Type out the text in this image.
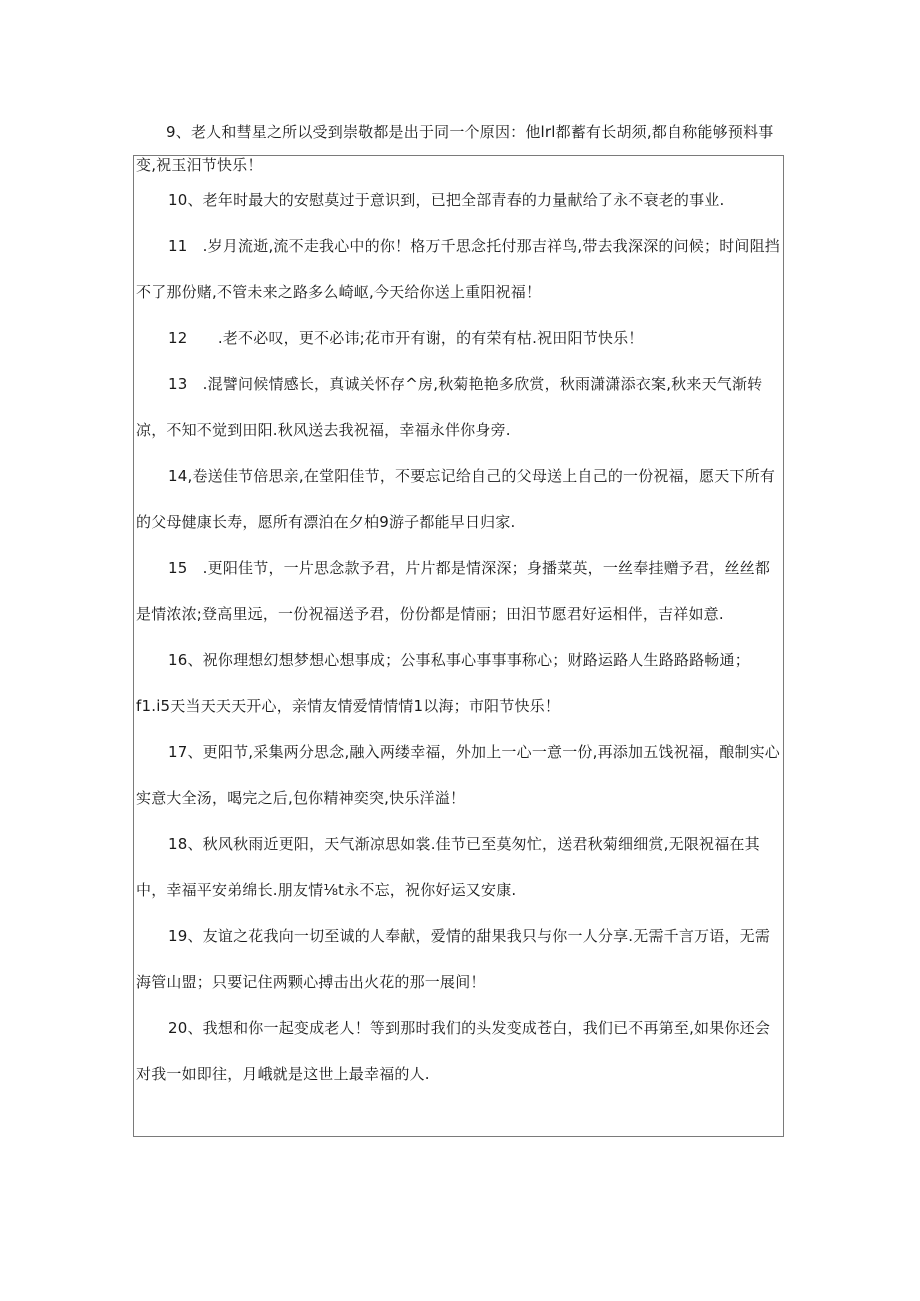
9、老人和彗星之所以受到崇敬都是出于同一个原因：他lrl都蓄有长胡须,都自称能够预料事变,祝玉汨节快乐！

10、老年时最大的安慰莫过于意识到，已把全部青春的力量献给了永不衰老的事业.

11　.岁月流逝,流不走我心中的你！格万千思念托付那吉祥鸟,带去我深深的问候；时间阻挡不了那份赌,不管未来之路多么崎岖,今天给你送上重阳祝福！

12　　.老不必叹，更不必讳;花市开有谢，的有荣有枯.祝田阳节快乐！

13　.混譬问候情感长，真诚关怀存^房,秋菊艳艳多欣赏，秋雨潇潇添衣案,秋来天气渐转凉，不知不觉到田阳.秋风送去我祝福，幸福永伴你身旁.

14,卷送佳节倍思亲,在堂阳佳节，不要忘记给自己的父母送上自己的一份祝福，愿天下所有的父母健康长寿，愿所有漂泊在夕柏9游子都能早日归家.

15　.更阳佳节，一片思念款予君，片片都是情深深；身播菜英，一丝奉挂赠予君，丝丝都是情浓浓;登高里远，一份祝福送予君，份份都是情丽；田汨节愿君好运相伴，吉祥如意.

16、祝你理想幻想梦想心想事成；公事私事心事事事称心；财路运路人生路路路畅通；f1.i5天当天天天开心，亲情友情爱情情情1以海；市阳节快乐！

17、更阳节,采集两分思念,融入两缕幸福，外加上一心一意一份,再添加五饯祝福，酿制实心实意大全汤，喝完之后,包你精神奕突,快乐洋溢！

18、秋风秋雨近更阳，天气渐凉思如裳.佳节已至莫匆忙，送君秋菊细细赏,无限祝福在其中，幸福平安弟绵长.朋友情⅛t永不忘，祝你好运又安康.

19、友谊之花我向一切至诚的人奉献，爱情的甜果我只与你一人分享.无需千言万语，无需海管山盟；只要记住两颗心搏击出火花的那一展间！

20、我想和你一起变成老人！等到那时我们的头发变成苍白，我们已不再第至,如果你还会对我一如即往，月峨就是这世上最幸福的人.
